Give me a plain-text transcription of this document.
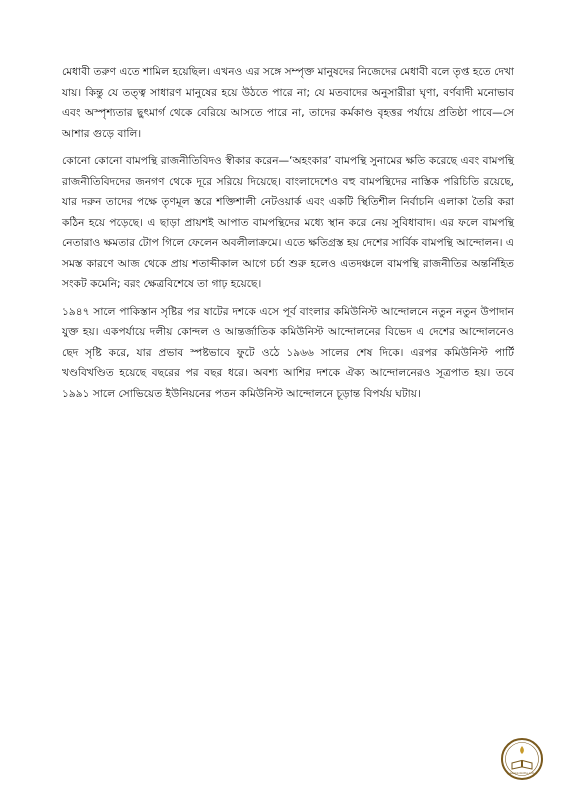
মেধাবী তরুণ এতে শামিল হয়েছিল। এখনও এর সঙ্গে সম্পৃক্ত মানুষদের নিজেদের মেধাবী বলে তৃপ্ত হতে দেখা যায়। কিন্তু যে তত্ত্ব সাধারণ মানুষের হয়ে উঠতে পারে না; যে মতবাদের অনুসারীরা ঘৃণা, বর্ণবাদী মনোভাব এবং অস্পৃশ্যতার ছুৎমার্গ থেকে বেরিয়ে আসতে পারে না, তাদের কর্মকাণ্ড বৃহত্তর পর্যায়ে প্রতিষ্ঠা পাবে—সে আশার গুড়ে বালি।

কোনো কোনো বামপন্থি রাজনীতিবিদও স্বীকার করেন—‘অহংকার’ বামপন্থি সুনামের ক্ষতি করেছে এবং বামপন্থি রাজনীতিবিদদের জনগণ থেকে দূরে সরিয়ে দিয়েছে। বাংলাদেশেও বহু বামপন্থিদের নাস্তিক পরিচিতি রয়েছে, যার দরুন তাদের পক্ষে তৃণমূল স্তরে শক্তিশালী নেটওয়ার্ক এবং একটি স্থিতিশীল নির্বাচনি এলাকা তৈরি করা কঠিন হয়ে পড়েছে। এ ছাড়া প্রায়শই আপাত বামপন্থিদের মধ্যে স্থান করে নেয় সুবিধাবাদ। এর ফলে বামপন্থি নেতারাও ক্ষমতার টোপ গিলে ফেলেন অবলীলাক্রমে। এতে ক্ষতিগ্রস্ত হয় দেশের সার্বিক বামপন্থি আন্দোলন। এ সমস্ত কারণে আজ থেকে প্রায় শতাব্দীকাল আগে চর্চা শুরু হলেও এতদঞ্চলে বামপন্থি রাজনীতির অন্তর্নিহিত সংকট কমেনি; বরং ক্ষেত্রবিশেষে তা গাঢ় হয়েছে।

১৯৪৭ সালে পাকিস্তান সৃষ্টির পর ষাটের দশকে এসে পূর্ব বাংলার কমিউনিস্ট আন্দোলনে নতুন নতুন উপাদান যুক্ত হয়। একপর্যায়ে দলীয় কোন্দল ও আন্তর্জাতিক কমিউনিস্ট আন্দোলনের বিভেদ এ দেশের আন্দোলনেও ছেদ সৃষ্টি করে, যার প্রভাব স্পষ্টভাবে ফুটে ওঠে ১৯৬৬ সালের শেষ দিকে। এরপর কমিউনিস্ট পার্টি খণ্ডবিখণ্ডিত হয়েছে বছরের পর বছর ধরে। অবশ্য আশির দশকে ঐক্য আন্দোলনেরও সূত্রপাত হয়। তবে ১৯৯১ সালে সোভিয়েত ইউনিয়নের পতন কমিউনিস্ট আন্দোলনে চূড়ান্ত বিপর্যয় ঘটায়।

www.boikotha.com
